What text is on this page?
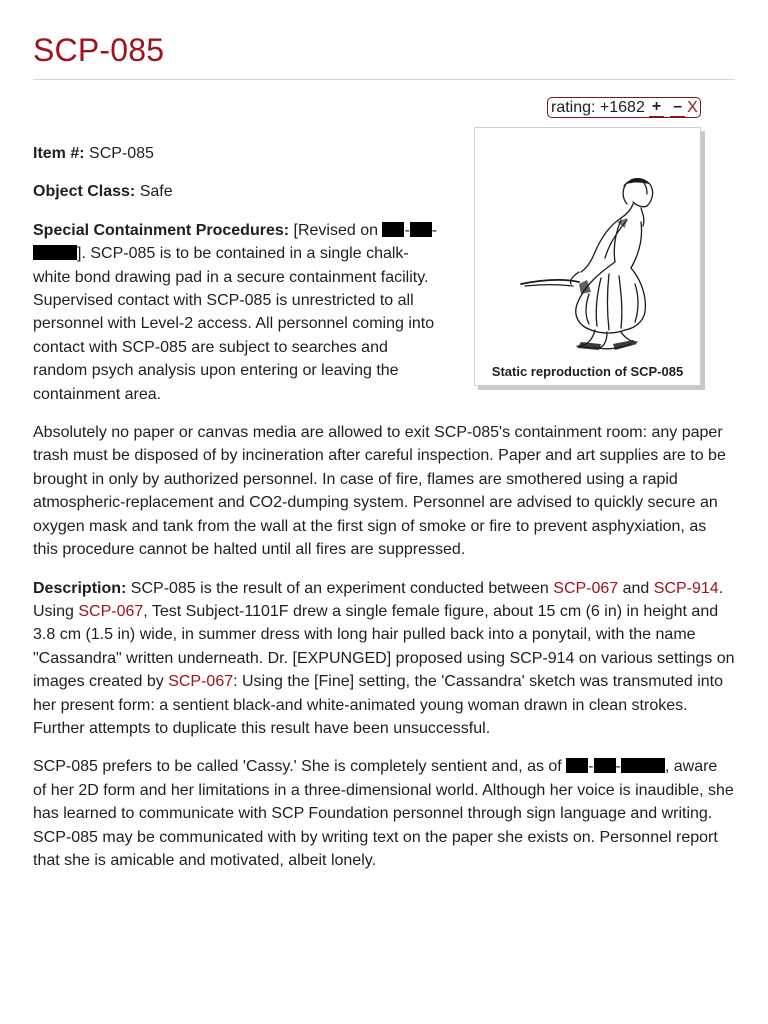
SCP-085
rating: +1682 + – X
Static reproduction of SCP-085

Item #: SCP-085

Object Class: Safe

Special Containment Procedures: [Revised on - -]. SCP-085 is to be contained in a single chalk-white bond drawing pad in a secure containment facility. Supervised contact with SCP-085 is unrestricted to all personnel with Level-2 access. All personnel coming into contact with SCP-085 are subject to searches and random psych analysis upon entering or leaving the containment area.

Absolutely no paper or canvas media are allowed to exit SCP-085's containment room: any paper trash must be disposed of by incineration after careful inspection. Paper and art supplies are to be brought in only by authorized personnel. In case of fire, flames are smothered using a rapid atmospheric-replacement and CO2-dumping system. Personnel are advised to quickly secure an oxygen mask and tank from the wall at the first sign of smoke or fire to prevent asphyxiation, as this procedure cannot be halted until all fires are suppressed.

Description: SCP-085 is the result of an experiment conducted between SCP-067 and SCP-914. Using SCP-067, Test Subject-1101F drew a single female figure, about 15 cm (6 in) in height and 3.8 cm (1.5 in) wide, in summer dress with long hair pulled back into a ponytail, with the name "Cassandra" written underneath. Dr. [EXPUNGED] proposed using SCP-914 on various settings on images created by SCP-067: Using the [Fine] setting, the 'Cassandra' sketch was transmuted into her present form: a sentient black-and white-animated young woman drawn in clean strokes. Further attempts to duplicate this result have been unsuccessful.

SCP-085 prefers to be called 'Cassy.' She is completely sentient and, as of - -	, aware of her 2D form and her limitations in a three-dimensional world. Although her voice is inaudible, she has learned to communicate with SCP Foundation personnel through sign language and writing. SCP-085 may be communicated with by writing text on the paper she exists on. Personnel report that she is amicable and motivated, albeit lonely.
